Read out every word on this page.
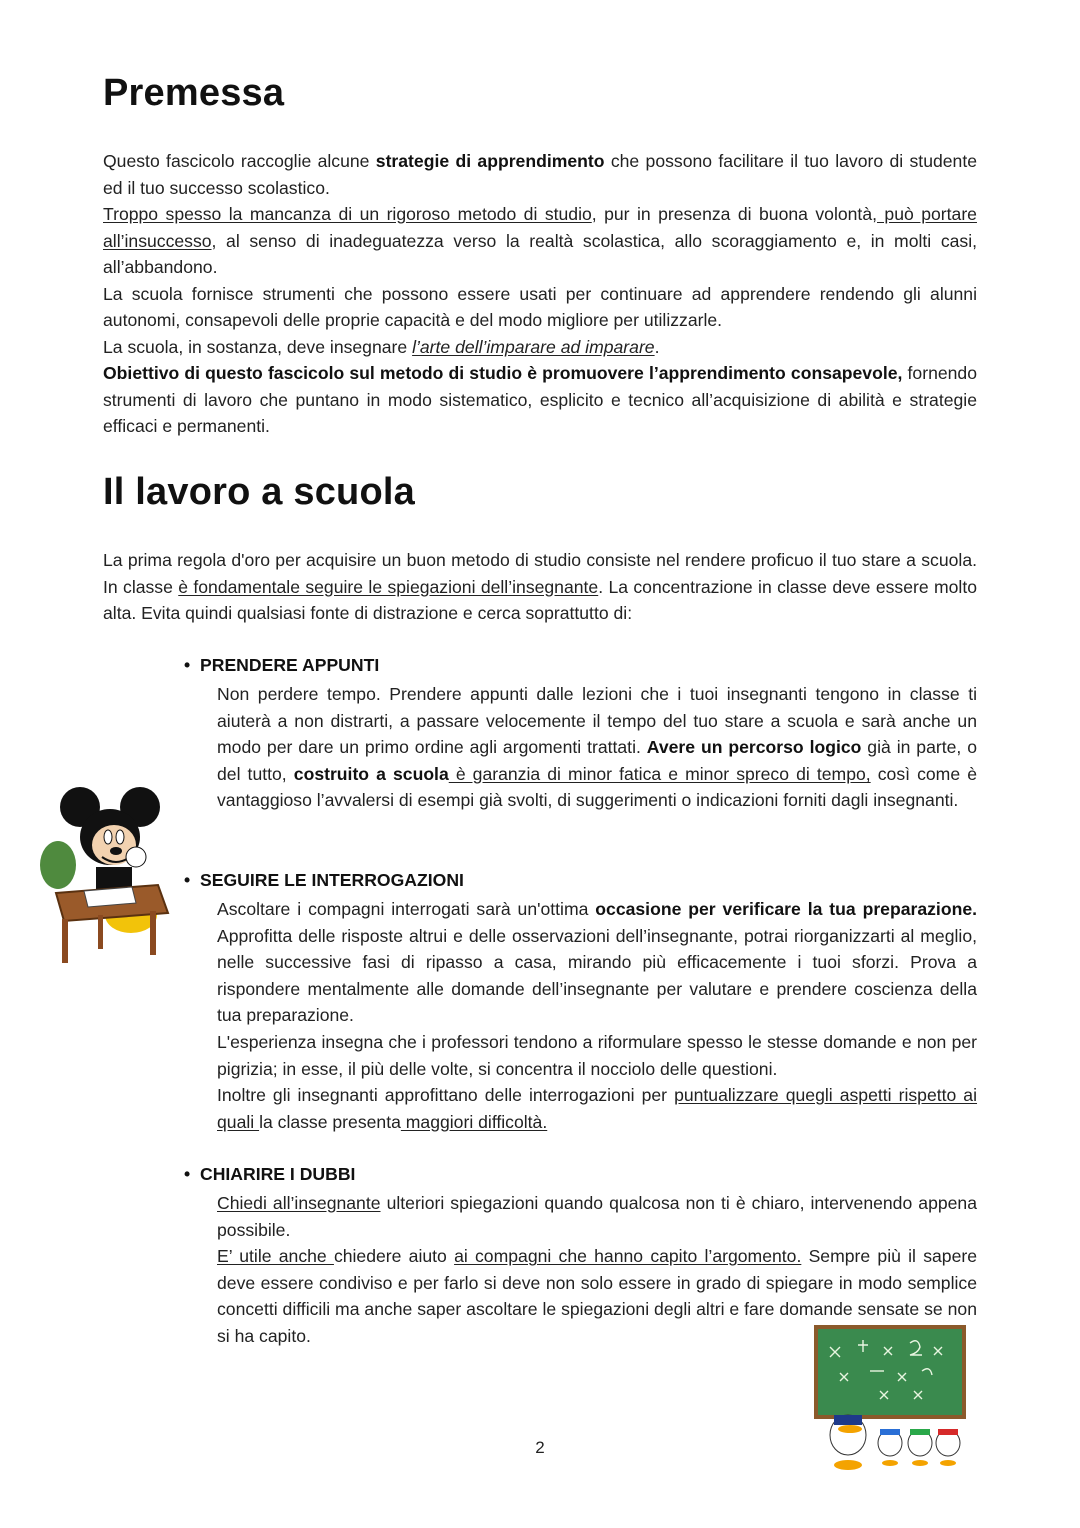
Premessa

Questo fascicolo raccoglie alcune strategie di apprendimento che possono facilitare il tuo lavoro di studente ed il tuo successo scolastico.

Troppo spesso la mancanza di un rigoroso metodo di studio, pur in presenza di buona volontà, può portare all’insuccesso, al senso di inadeguatezza verso la realtà scolastica, allo scoraggiamento e, in molti casi, all’abbandono.

La scuola fornisce strumenti che possono essere usati per continuare ad apprendere rendendo gli alunni autonomi, consapevoli delle proprie capacità e del modo migliore per utilizzarle.

La scuola, in sostanza, deve insegnare l’arte dell’imparare ad imparare.

Obiettivo di questo fascicolo sul metodo di studio è promuovere l’apprendimento consapevole, fornendo strumenti di lavoro che puntano in modo sistematico, esplicito e tecnico all’acquisizione di abilità e strategie efficaci e permanenti.

Il lavoro a scuola

La prima regola d'oro per acquisire un buon metodo di studio consiste nel rendere proficuo il tuo stare a scuola. In classe è fondamentale seguire le spiegazioni dell’insegnante. La concentrazione in classe deve essere molto alta. Evita quindi qualsiasi fonte di distrazione e cerca soprattutto di:

• PRENDERE APPUNTI

Non perdere tempo. Prendere appunti dalle lezioni che i tuoi insegnanti tengono in classe ti aiuterà a non distrarti, a passare velocemente il tempo del tuo stare a scuola e sarà anche un modo per dare un primo ordine agli argomenti trattati. Avere un percorso logico già in parte, o del tutto, costruito a scuola è garanzia di minor fatica e minor spreco di tempo, così come è vantaggioso l’avvalersi di esempi già svolti, di suggerimenti o indicazioni forniti dagli insegnanti.

• SEGUIRE LE INTERROGAZIONI

Ascoltare i compagni interrogati sarà un'ottima occasione per verificare la tua preparazione. Approfitta delle risposte altrui e delle osservazioni dell’insegnante, potrai riorganizzarti al meglio, nelle successive fasi di ripasso a casa, mirando più efficacemente i tuoi sforzi. Prova a rispondere mentalmente alle domande dell’insegnante per valutare e prendere coscienza della tua preparazione.

L'esperienza insegna che i professori tendono a riformulare spesso le stesse domande e non per pigrizia; in esse, il più delle volte, si concentra il nocciolo delle questioni.

Inoltre gli insegnanti approfittano delle interrogazioni per puntualizzare quegli aspetti rispetto ai quali la classe presenta maggiori difficoltà.

• CHIARIRE I DUBBI

Chiedi all’insegnante ulteriori spiegazioni quando qualcosa non ti è chiaro, intervenendo appena possibile.

E’ utile anche chiedere aiuto ai compagni che hanno capito l’argomento. Sempre più il sapere deve essere condiviso e per farlo si deve non solo essere in grado di spiegare in modo semplice concetti difficili ma anche saper ascoltare le spiegazioni degli altri e fare domande sensate se non si ha capito.

2
